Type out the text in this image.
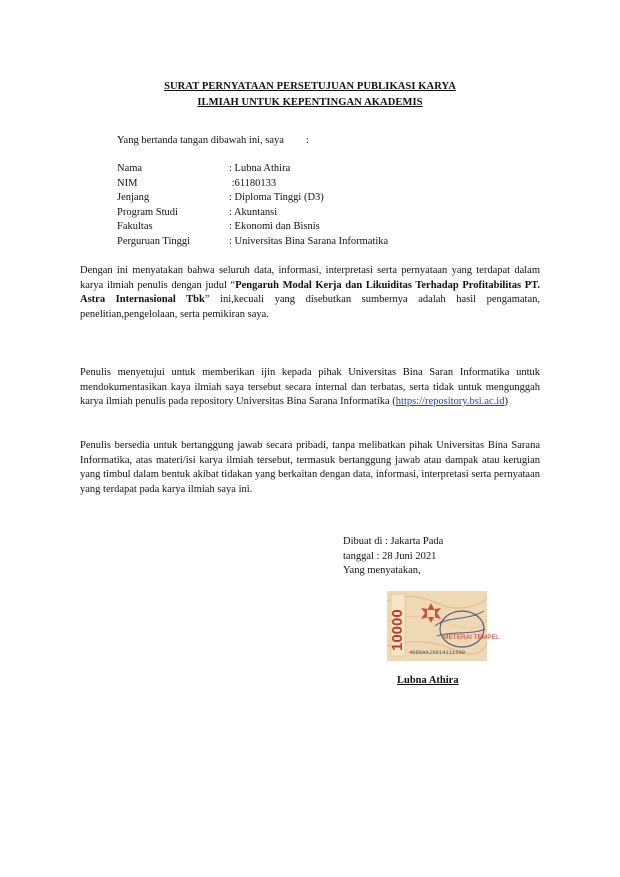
SURAT PERNYATAAN PERSETUJUAN PUBLIKASI KARYA
ILMIAH UNTUK KEPENTINGAN AKADEMIS
Yang bertanda tangan dibawah ini, saya :
Nama	: Lubna Athira
NIM	:61180133
Jenjang	: Diploma Tinggi (D3)
Program Studi	: Akuntansi
Fakultas	: Ekonomi dan Bisnis
Perguruan Tinggi	: Universitas Bina Sarana Informatika
Dengan ini menyatakan bahwa seluruh data, informasi, interpretasi serta pernyataan yang terdapat dalam karya ilmiah penulis dengan judul “Pengaruh Modal Kerja dan Likuiditas Terhadap Profitabilitas PT. Astra Internasional Tbk” ini,kecuali yang disebutkan sumbernya adalah hasil pengamatan, penelitian,pengelolaan, serta pemikiran saya.
Penulis menyetujui untuk memberikan ijin kepada pihak Universitas Bina Saran Informatika untuk mendokumentasikan kaya ilmiah saya tersebut secara internal dan terbatas, serta tidak untuk mengunggah karya ilmiah penulis pada repository Universitas Bina Sarana Informatika (https://repository.bsi.ac.id)
Penulis bersedia untuk bertanggung jawab secara pribadi, tanpa melibatkan pihak Universitas Bina Sarana Informatika, atas materi/isi karya ilmiah tersebut, termasuk bertanggung jawab atau dampak atau kerugian yang timbul dalam bentuk akibat tidakan yang berkaitan dengan data, informasi, interpretasi serta pernyataan yang terdapat pada karya ilmiah saya ini.
Dibuat di : Jakarta Pada
tanggal : 28 Juni 2021
Yang menyatakan,
10000	METERAI TEMPEL
4068AAJX014111699
Lubna Athira
